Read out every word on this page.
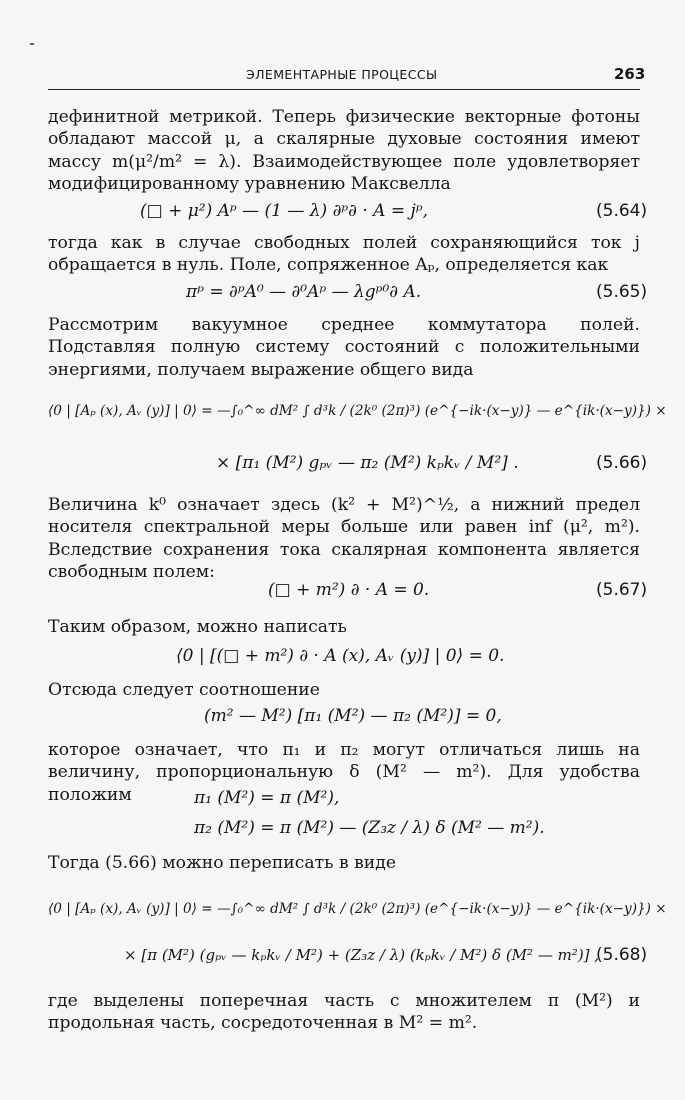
ЭЛЕМЕНТАРНЫЕ ПРОЦЕССЫ	263

дефинитной метрикой. Теперь физические векторные фотоны обладают массой μ, а скалярные духовые состояния имеют массу m(μ²/m² = λ). Взаимодействующее поле удовлетворяет модифицированному уравнению Максвелла

(□ + μ²) Aᵖ — (1 — λ) ∂ᵖ∂ · A = jᵖ,	(5.64)

тогда как в случае свободных полей сохраняющийся ток j обращается в нуль. Поле, сопряженное Aₚ, определяется как

πᵖ = ∂ᵖA⁰ — ∂⁰Aᵖ — λgᵖ⁰∂ A.	(5.65)

Рассмотрим вакуумное среднее коммутатора полей. Подставляя полную систему состояний с положительными энергиями, получаем выражение общего вида

⟨0 | [Aₚ (x), Aᵥ (y)] | 0⟩ = —∫₀^∞ dM² ∫ d³k / (2k⁰ (2π)³) (e^{−ik·(x−y)} — e^{ik·(x−y)}) ×
× [π₁ (M²) gₚᵥ — π₂ (M²) kₚkᵥ / M²] .	(5.66)

Величина k⁰ означает здесь (k² + M²)^½, а нижний предел носителя спектральной меры больше или равен inf (μ², m²). Вследствие сохранения тока скалярная компонента является свободным полем:

(□ + m²) ∂ · A = 0.	(5.67)

Таким образом, можно написать

⟨0 | [(□ + m²) ∂ · A (x), Aᵥ (y)] | 0⟩ = 0.

Отсюда следует соотношение

(m² — M²) [π₁ (M²) — π₂ (M²)] = 0,

которое означает, что π₁ и π₂ могут отличаться лишь на величину, пропорциональную δ (M² — m²). Для удобства положим	π₁ (M²) = π (M²),
π₂ (M²) = π (M²) — (Z₃z / λ) δ (M² — m²).

Тогда (5.66) можно переписать в виде

⟨0 | [Aₚ (x), Aᵥ (y)] | 0⟩ = —∫₀^∞ dM² ∫ d³k / (2k⁰ (2π)³) (e^{−ik·(x−y)} — e^{ik·(x−y)}) ×
× [π (M²) (gₚᵥ — kₚkᵥ / M²) + (Z₃z / λ) (kₚkᵥ / M²) δ (M² — m²)] ,
(5.68)

где выделены поперечная часть с множителем π (M²) и продольная часть, сосредоточенная в M² = m².
